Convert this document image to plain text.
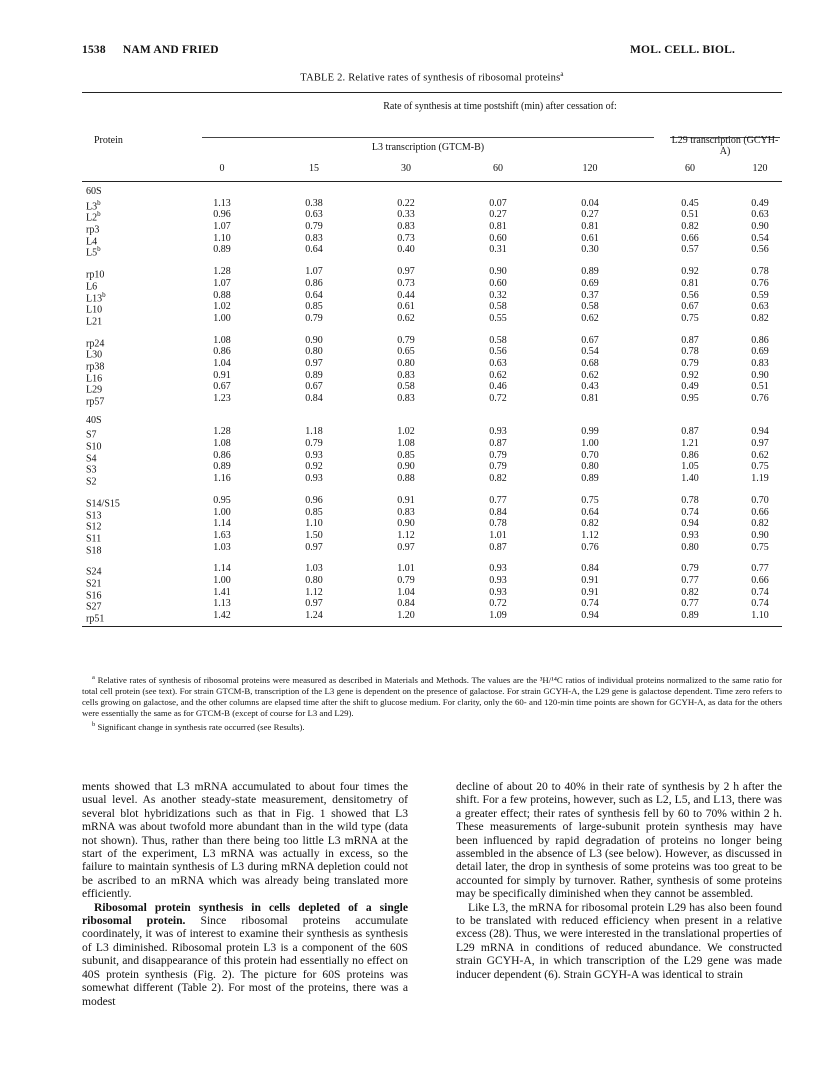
1538 NAM AND FRIED	MOL. CELL. BIOL.
TABLE 2. Relative rates of synthesis of ribosomal proteins$^a$
Protein
Rate of synthesis at time postshift (min) after cessation of:
L3 transcription (GTCM-B)
L29 transcription (GCYH-A)
0	15	30	60	120	60	120
60S
L3$^b$	1.13	0.38	0.22	0.07	0.04	0.45	0.49
L2$^b$	0.96	0.63	0.33	0.27	0.27	0.51	0.63
rp3	1.07	0.79	0.83	0.81	0.81	0.82	0.90
L4	1.10	0.83	0.73	0.60	0.61	0.66	0.54
L5$^b$	0.89	0.64	0.40	0.31	0.30	0.57	0.56
rp10	1.28	1.07	0.97	0.90	0.89	0.92	0.78
L6	1.07	0.86	0.73	0.60	0.69	0.81	0.76
L13$^b$	0.88	0.64	0.44	0.32	0.37	0.56	0.59
L10	1.02	0.85	0.61	0.58	0.58	0.67	0.63
L21	1.00	0.79	0.62	0.55	0.62	0.75	0.82
rp24	1.08	0.90	0.79	0.58	0.67	0.87	0.86
L30	0.86	0.80	0.65	0.56	0.54	0.78	0.69
rp38	1.04	0.97	0.80	0.63	0.68	0.79	0.83
L16	0.91	0.89	0.83	0.62	0.62	0.92	0.90
L29	0.67	0.67	0.58	0.46	0.43	0.49	0.51
rp57	1.23	0.84	0.83	0.72	0.81	0.95	0.76
40S
S7	1.28	1.18	1.02	0.93	0.99	0.87	0.94
S10	1.08	0.79	1.08	0.87	1.00	1.21	0.97
S4	0.86	0.93	0.85	0.79	0.70	0.86	0.62
S3	0.89	0.92	0.90	0.79	0.80	1.05	0.75
S2	1.16	0.93	0.88	0.82	0.89	1.40	1.19
S14/S15	0.95	0.96	0.91	0.77	0.75	0.78	0.70
S13	1.00	0.85	0.83	0.84	0.64	0.74	0.66
S12	1.14	1.10	0.90	0.78	0.82	0.94	0.82
S11	1.63	1.50	1.12	1.01	1.12	0.93	0.90
S18	1.03	0.97	0.97	0.87	0.76	0.80	0.75
S24	1.14	1.03	1.01	0.93	0.84	0.79	0.77
S21	1.00	0.80	0.79	0.93	0.91	0.77	0.66
S16	1.41	1.12	1.04	0.93	0.91	0.82	0.74
S27	1.13	0.97	0.84	0.72	0.74	0.77	0.74
rp51	1.42	1.24	1.20	1.09	0.94	0.89	1.10

$^a$ Relative rates of synthesis of ribosomal proteins were measured as described in Materials and Methods. The values are the ³H/¹⁴C ratios of individual proteins normalized to the same ratio for total cell protein (see text). For strain GTCM-B, transcription of the L3 gene is dependent on the presence of galactose. For strain GCYH-A, the L29 gene is galactose dependent. Time zero refers to cells growing on galactose, and the other columns are elapsed time after the shift to glucose medium. For clarity, only the 60- and 120-min time points are shown for GCYH-A, as data for the others were essentially the same as for GTCM-B (except of course for L3 and L29).

$^b$ Significant change in synthesis rate occurred (see Results).

ments showed that L3 mRNA accumulated to about four times the usual level. As another steady-state measurement, densitometry of several blot hybridizations such as that in Fig. 1 showed that L3 mRNA was about twofold more abundant than in the wild type (data not shown). Thus, rather than there being too little L3 mRNA at the start of the experiment, L3 mRNA was actually in excess, so the failure to maintain synthesis of L3 during mRNA depletion could not be ascribed to an mRNA which was already being translated more efficiently.

Ribosomal protein synthesis in cells depleted of a single ribosomal protein. Since ribosomal proteins accumulate coordinately, it was of interest to examine their synthesis as synthesis of L3 diminished. Ribosomal protein L3 is a component of the 60S subunit, and disappearance of this protein had essentially no effect on 40S protein synthesis (Fig. 2). The picture for 60S proteins was somewhat different (Table 2). For most of the proteins, there was a modest

decline of about 20 to 40% in their rate of synthesis by 2 h after the shift. For a few proteins, however, such as L2, L5, and L13, there was a greater effect; their rates of synthesis fell by 60 to 70% within 2 h. These measurements of large-subunit protein synthesis may have been influenced by rapid degradation of proteins no longer being assembled in the absence of L3 (see below). However, as discussed in detail later, the drop in synthesis of some proteins was too great to be accounted for simply by turnover. Rather, synthesis of some proteins may be specifically diminished when they cannot be assembled.

Like L3, the mRNA for ribosomal protein L29 has also been found to be translated with reduced efficiency when present in a relative excess (28). Thus, we were interested in the translational properties of L29 mRNA in conditions of reduced abundance. We constructed strain GCYH-A, in which transcription of the L29 gene was made inducer dependent (6). Strain GCYH-A was identical to strain
